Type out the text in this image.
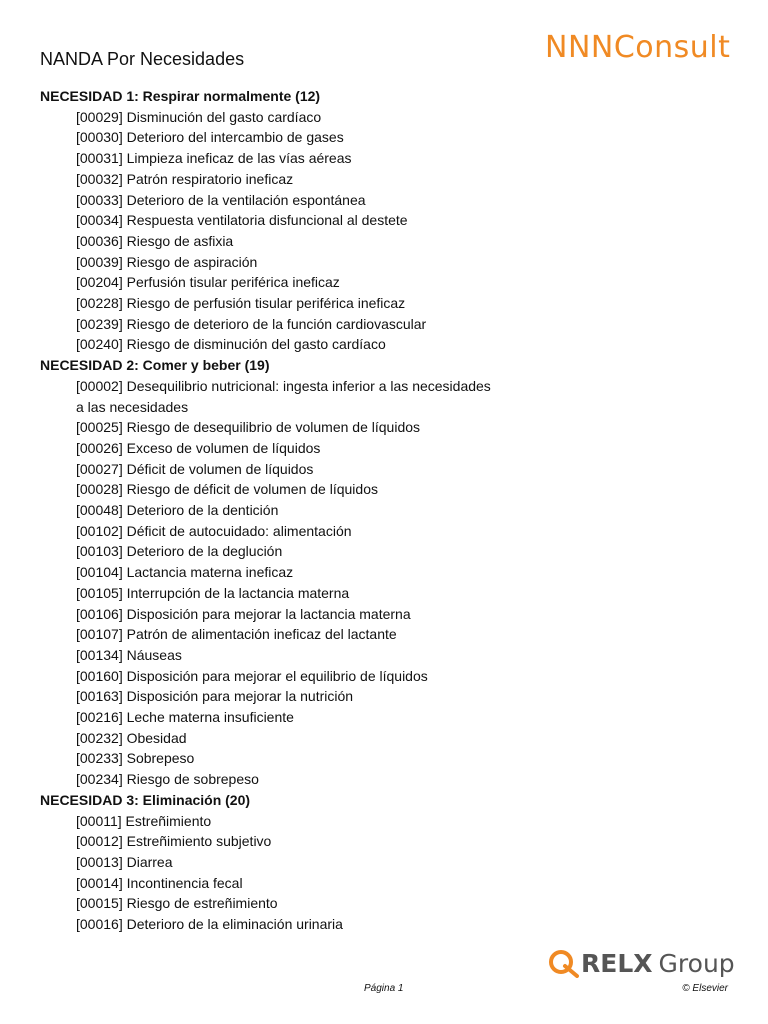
NANDA Por Necesidades	NNNConsult
NECESIDAD 1: Respirar normalmente (12)
[00029] Disminución del gasto cardíaco
[00030] Deterioro del intercambio de gases
[00031] Limpieza ineficaz de las vías aéreas
[00032] Patrón respiratorio ineficaz
[00033] Deterioro de la ventilación espontánea
[00034] Respuesta ventilatoria disfuncional al destete
[00036] Riesgo de asfixia
[00039] Riesgo de aspiración
[00204] Perfusión tisular periférica ineficaz
[00228] Riesgo de perfusión tisular periférica ineficaz
[00239] Riesgo de deterioro de la función cardiovascular
[00240] Riesgo de disminución del gasto cardíaco
NECESIDAD 2: Comer y beber (19)
[00002] Desequilibrio nutricional: ingesta inferior a las necesidades a las necesidades
[00025] Riesgo de desequilibrio de volumen de líquidos
[00026] Exceso de volumen de líquidos
[00027] Déficit de volumen de líquidos
[00028] Riesgo de déficit de volumen de líquidos
[00048] Deterioro de la dentición
[00102] Déficit de autocuidado: alimentación
[00103] Deterioro de la deglución
[00104] Lactancia materna ineficaz
[00105] Interrupción de la lactancia materna
[00106] Disposición para mejorar la lactancia materna
[00107] Patrón de alimentación ineficaz del lactante
[00134] Náuseas
[00160] Disposición para mejorar el equilibrio de líquidos
[00163] Disposición para mejorar la nutrición
[00216] Leche materna insuficiente
[00232] Obesidad
[00233] Sobrepeso
[00234] Riesgo de sobrepeso
NECESIDAD 3: Eliminación (20)
[00011] Estreñimiento
[00012] Estreñimiento subjetivo
[00013] Diarrea
[00014] Incontinencia fecal
[00015] Riesgo de estreñimiento
[00016] Deterioro de la eliminación urinaria
RELX Group
Página 1	© Elsevier
